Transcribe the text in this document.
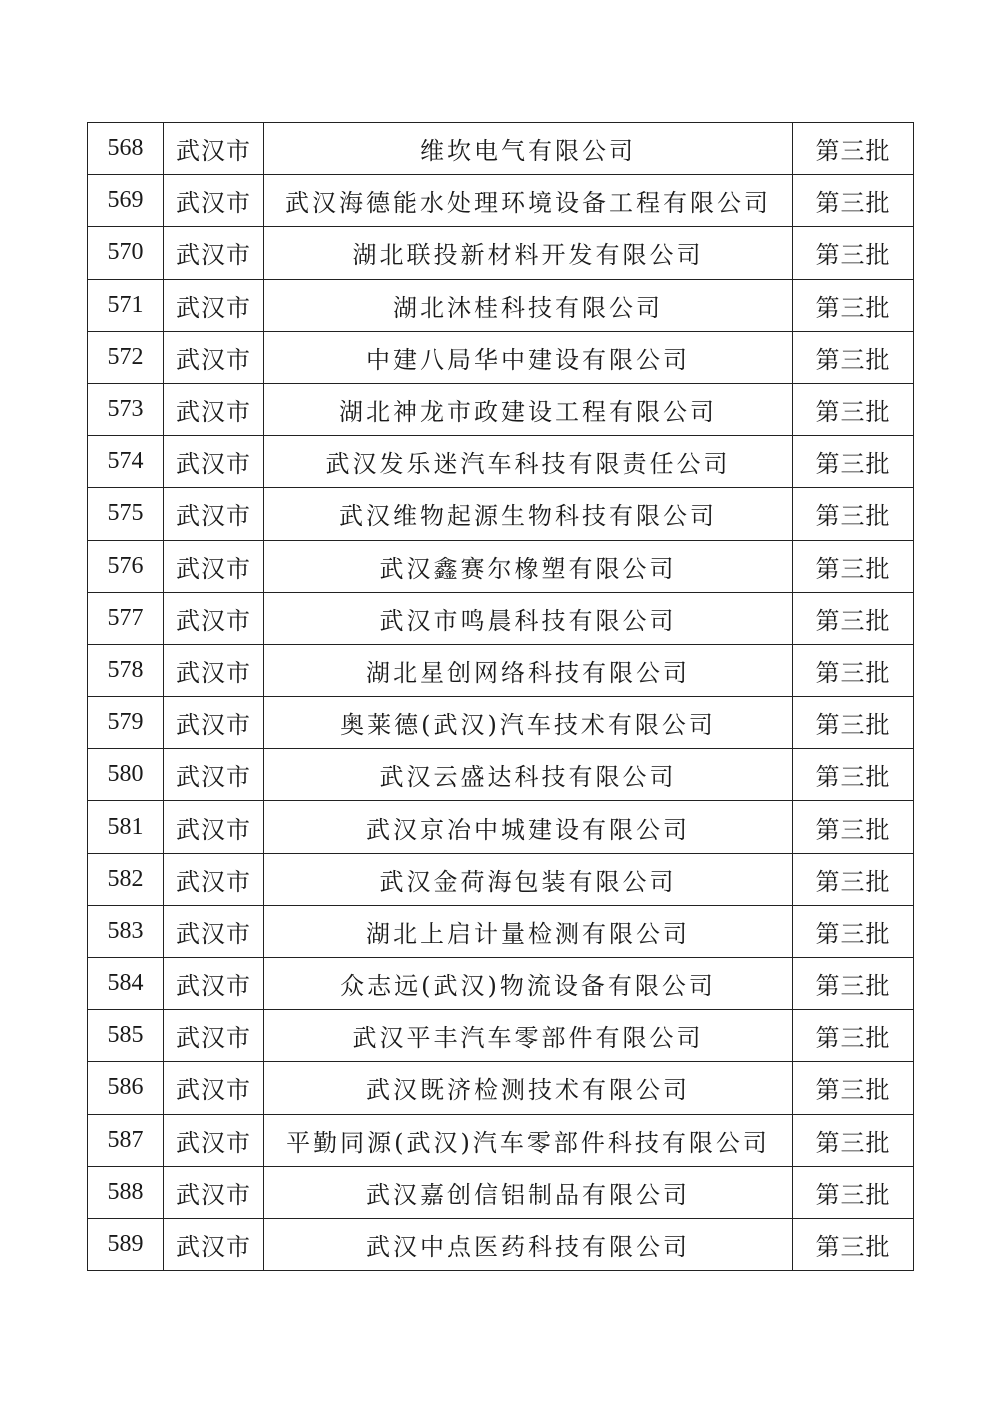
568	武汉市	维坎电气有限公司	第三批
569	武汉市	武汉海德能水处理环境设备工程有限公司	第三批
570	武汉市	湖北联投新材料开发有限公司	第三批
571	武汉市	湖北沐桂科技有限公司	第三批
572	武汉市	中建八局华中建设有限公司	第三批
573	武汉市	湖北神龙市政建设工程有限公司	第三批
574	武汉市	武汉发乐迷汽车科技有限责任公司	第三批
575	武汉市	武汉维物起源生物科技有限公司	第三批
576	武汉市	武汉鑫赛尔橡塑有限公司	第三批
577	武汉市	武汉市鸣晨科技有限公司	第三批
578	武汉市	湖北星创网络科技有限公司	第三批
579	武汉市	奥莱德(武汉)汽车技术有限公司	第三批
580	武汉市	武汉云盛达科技有限公司	第三批
581	武汉市	武汉京冶中城建设有限公司	第三批
582	武汉市	武汉金荷海包装有限公司	第三批
583	武汉市	湖北上启计量检测有限公司	第三批
584	武汉市	众志远(武汉)物流设备有限公司	第三批
585	武汉市	武汉平丰汽车零部件有限公司	第三批
586	武汉市	武汉既济检测技术有限公司	第三批
587	武汉市	平勤同源(武汉)汽车零部件科技有限公司	第三批
588	武汉市	武汉嘉创信铝制品有限公司	第三批
589	武汉市	武汉中点医药科技有限公司	第三批
